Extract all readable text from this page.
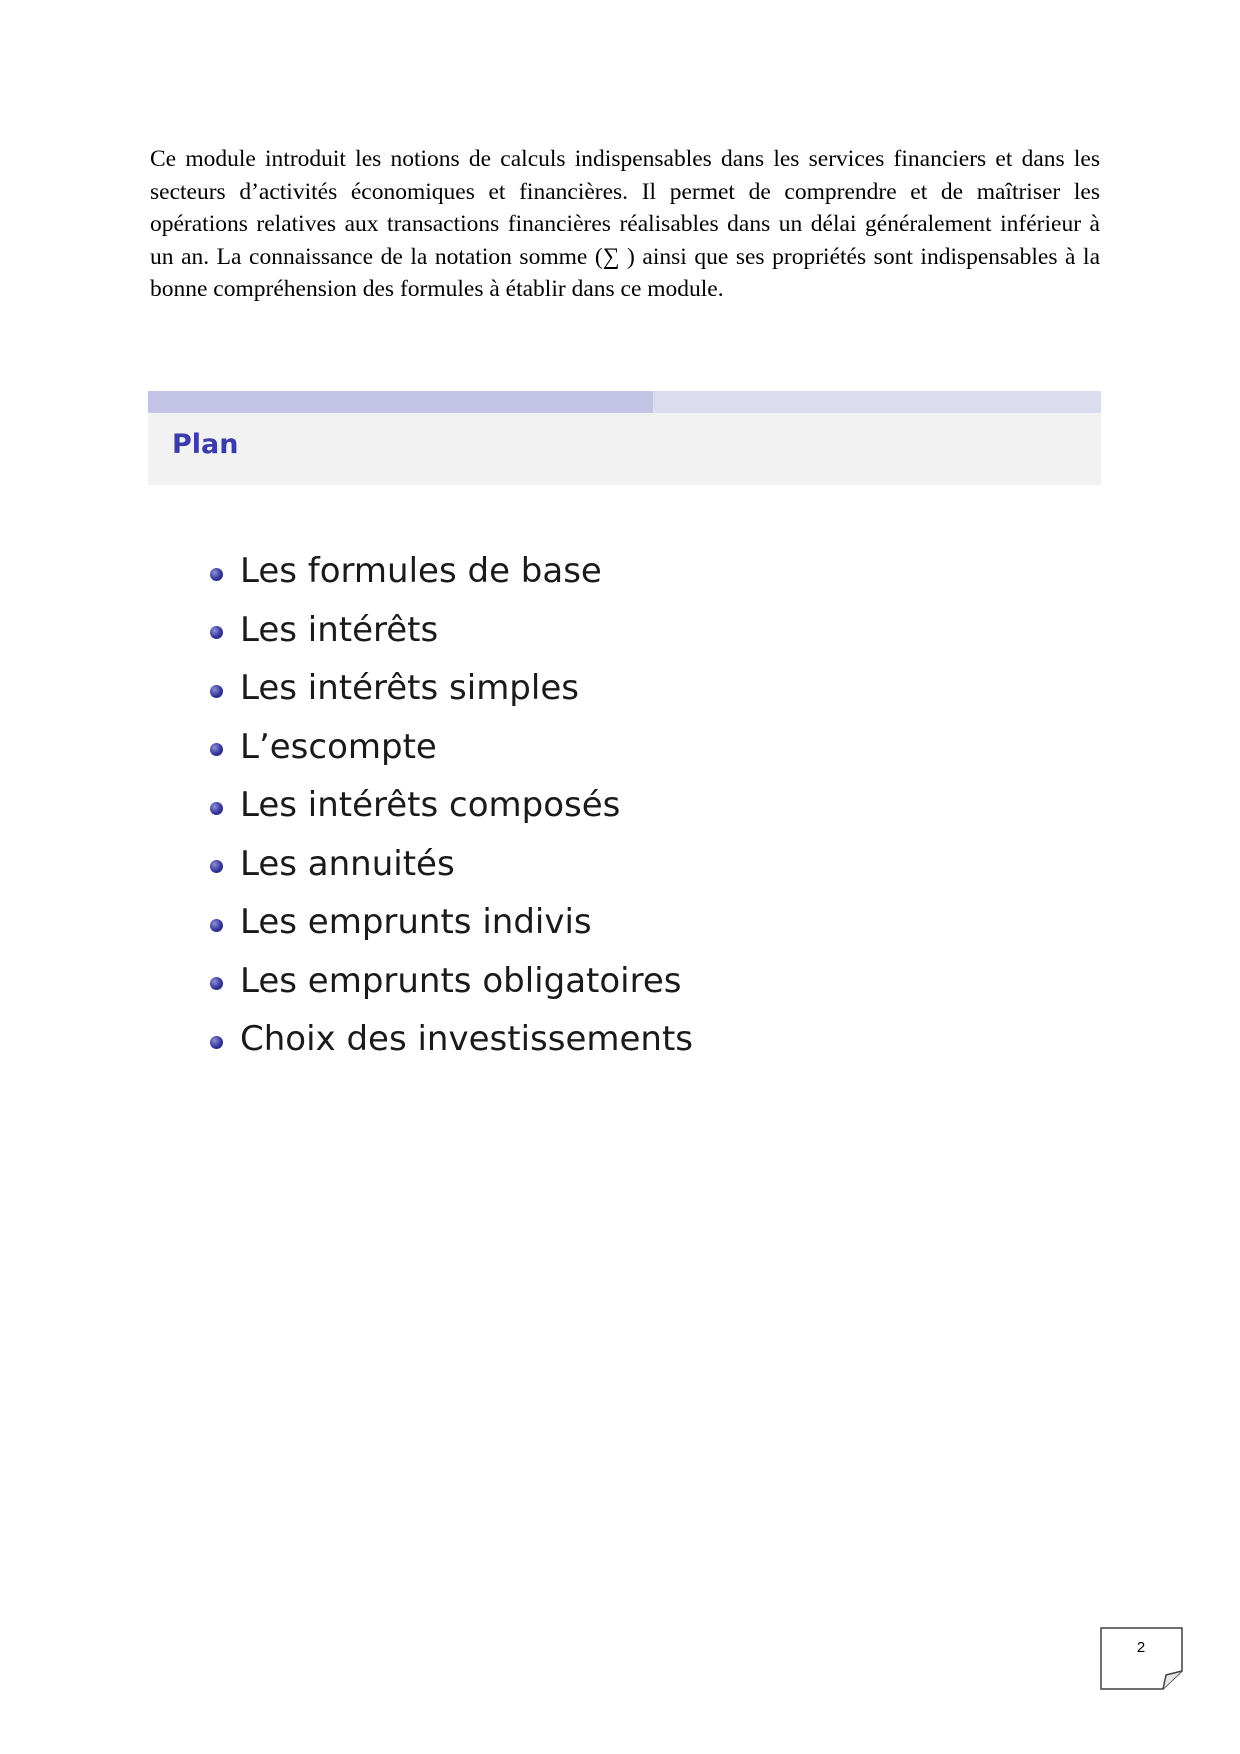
Ce module introduit les notions de calculs indispensables dans les services financiers et dans les secteurs d’activités économiques et financières. Il permet de comprendre et de maîtriser les opérations relatives aux transactions financières réalisables dans un délai généralement inférieur à un an. La connaissance de la notation somme (∑ ) ainsi que ses propriétés sont indispensables à la bonne compréhension des formules à établir dans ce module.

Plan
Les formules de base
Les intérêts
Les intérêts simples
L’escompte
Les intérêts composés
Les annuités
Les emprunts indivis
Les emprunts obligatoires
Choix des investissements
2
